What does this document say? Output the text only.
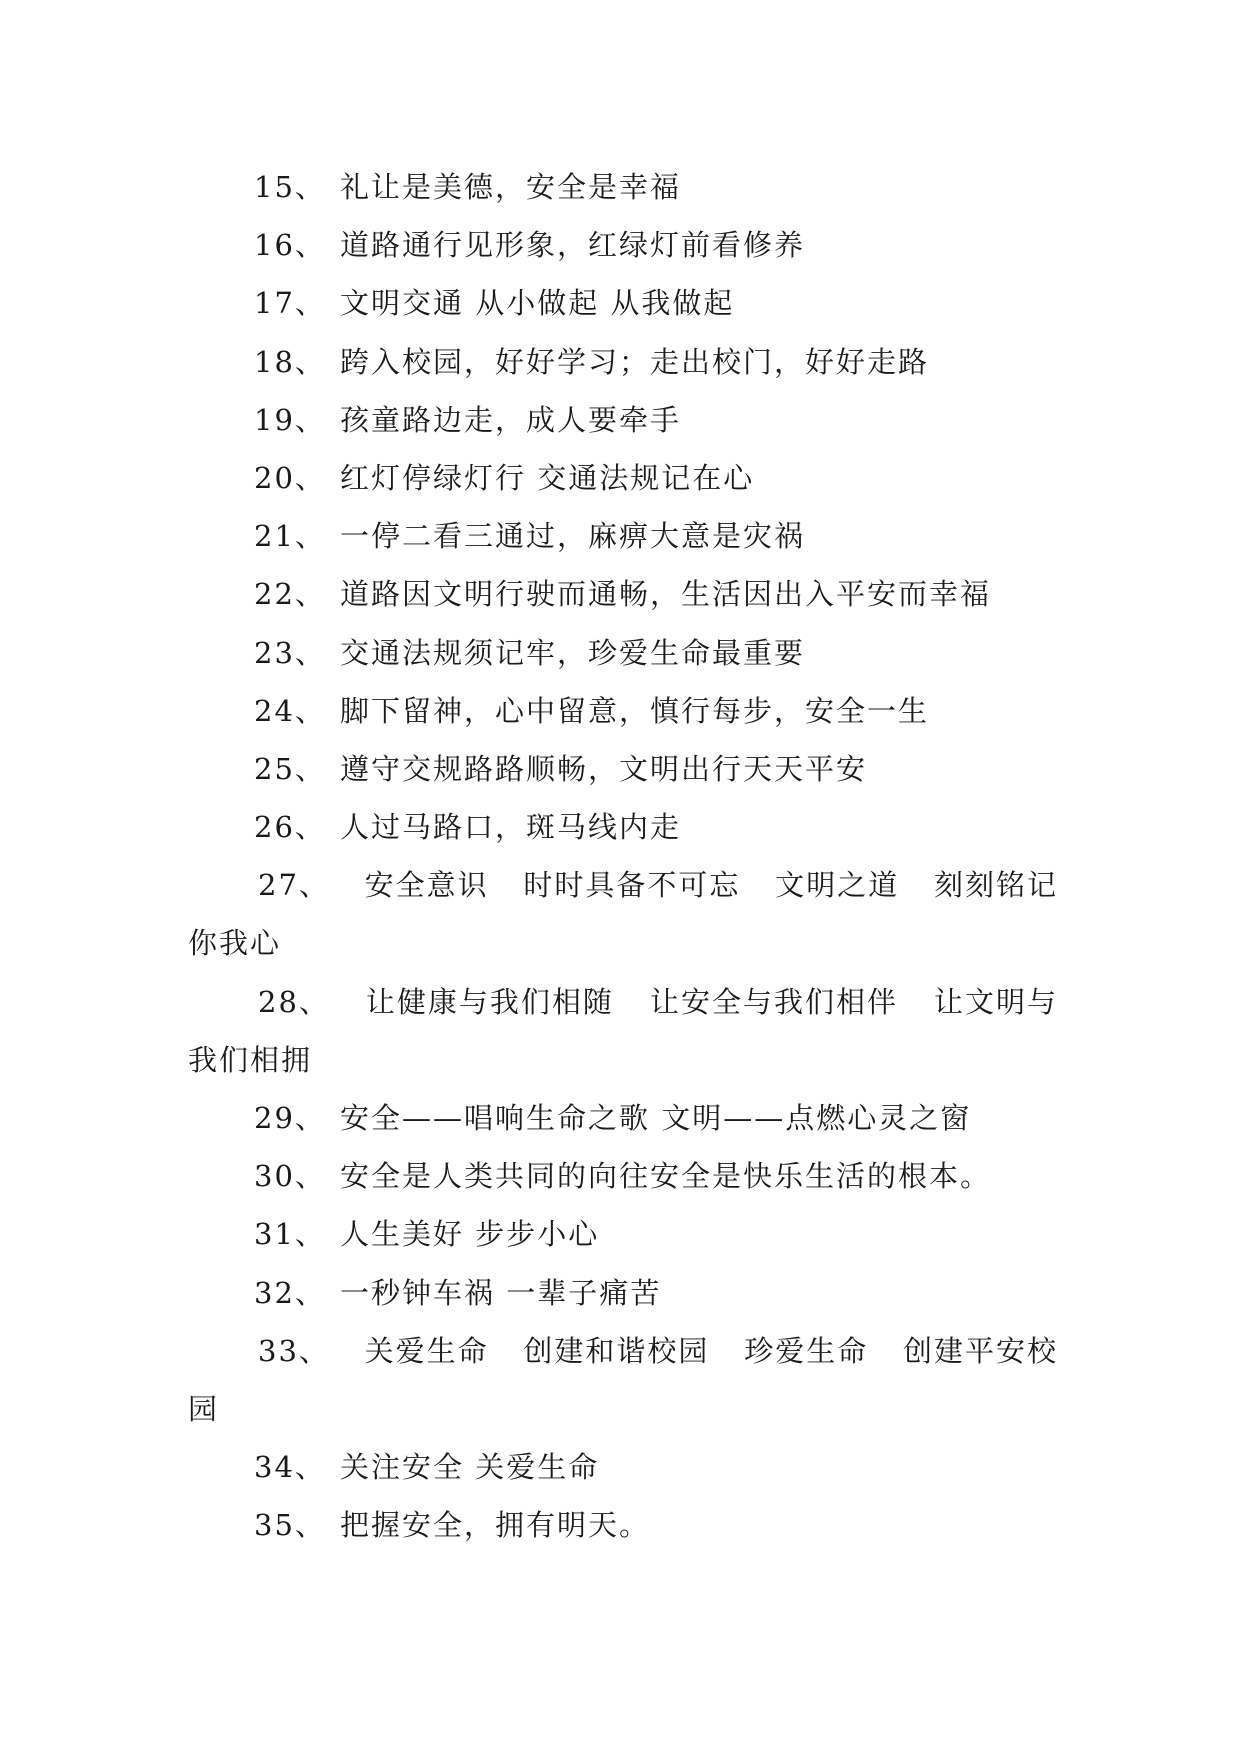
15、 礼让是美德，安全是幸福
16、 道路通行见形象，红绿灯前看修养
17、 文明交通 从小做起 从我做起
18、 跨入校园，好好学习；走出校门，好好走路
19、 孩童路边走，成人要牵手
20、 红灯停绿灯行 交通法规记在心
21、 一停二看三通过，麻痹大意是灾祸
22、 道路因文明行驶而通畅，生活因出入平安而幸福
23、 交通法规须记牢，珍爱生命最重要
24、 脚下留神，心中留意，慎行每步，安全一生
25、 遵守交规路路顺畅，文明出行天天平安
26、 人过马路口，斑马线内走
27、 安全意识 时时具备不可忘 文明之道 刻刻铭记
你我心
28、 让健康与我们相随 让安全与我们相伴 让文明与
我们相拥
29、 安全——唱响生命之歌 文明——点燃心灵之窗
30、 安全是人类共同的向往安全是快乐生活的根本。
31、 人生美好 步步小心
32、 一秒钟车祸 一辈子痛苦
33、 关爱生命 创建和谐校园 珍爱生命 创建平安校
园
34、 关注安全 关爱生命
35、 把握安全，拥有明天。
